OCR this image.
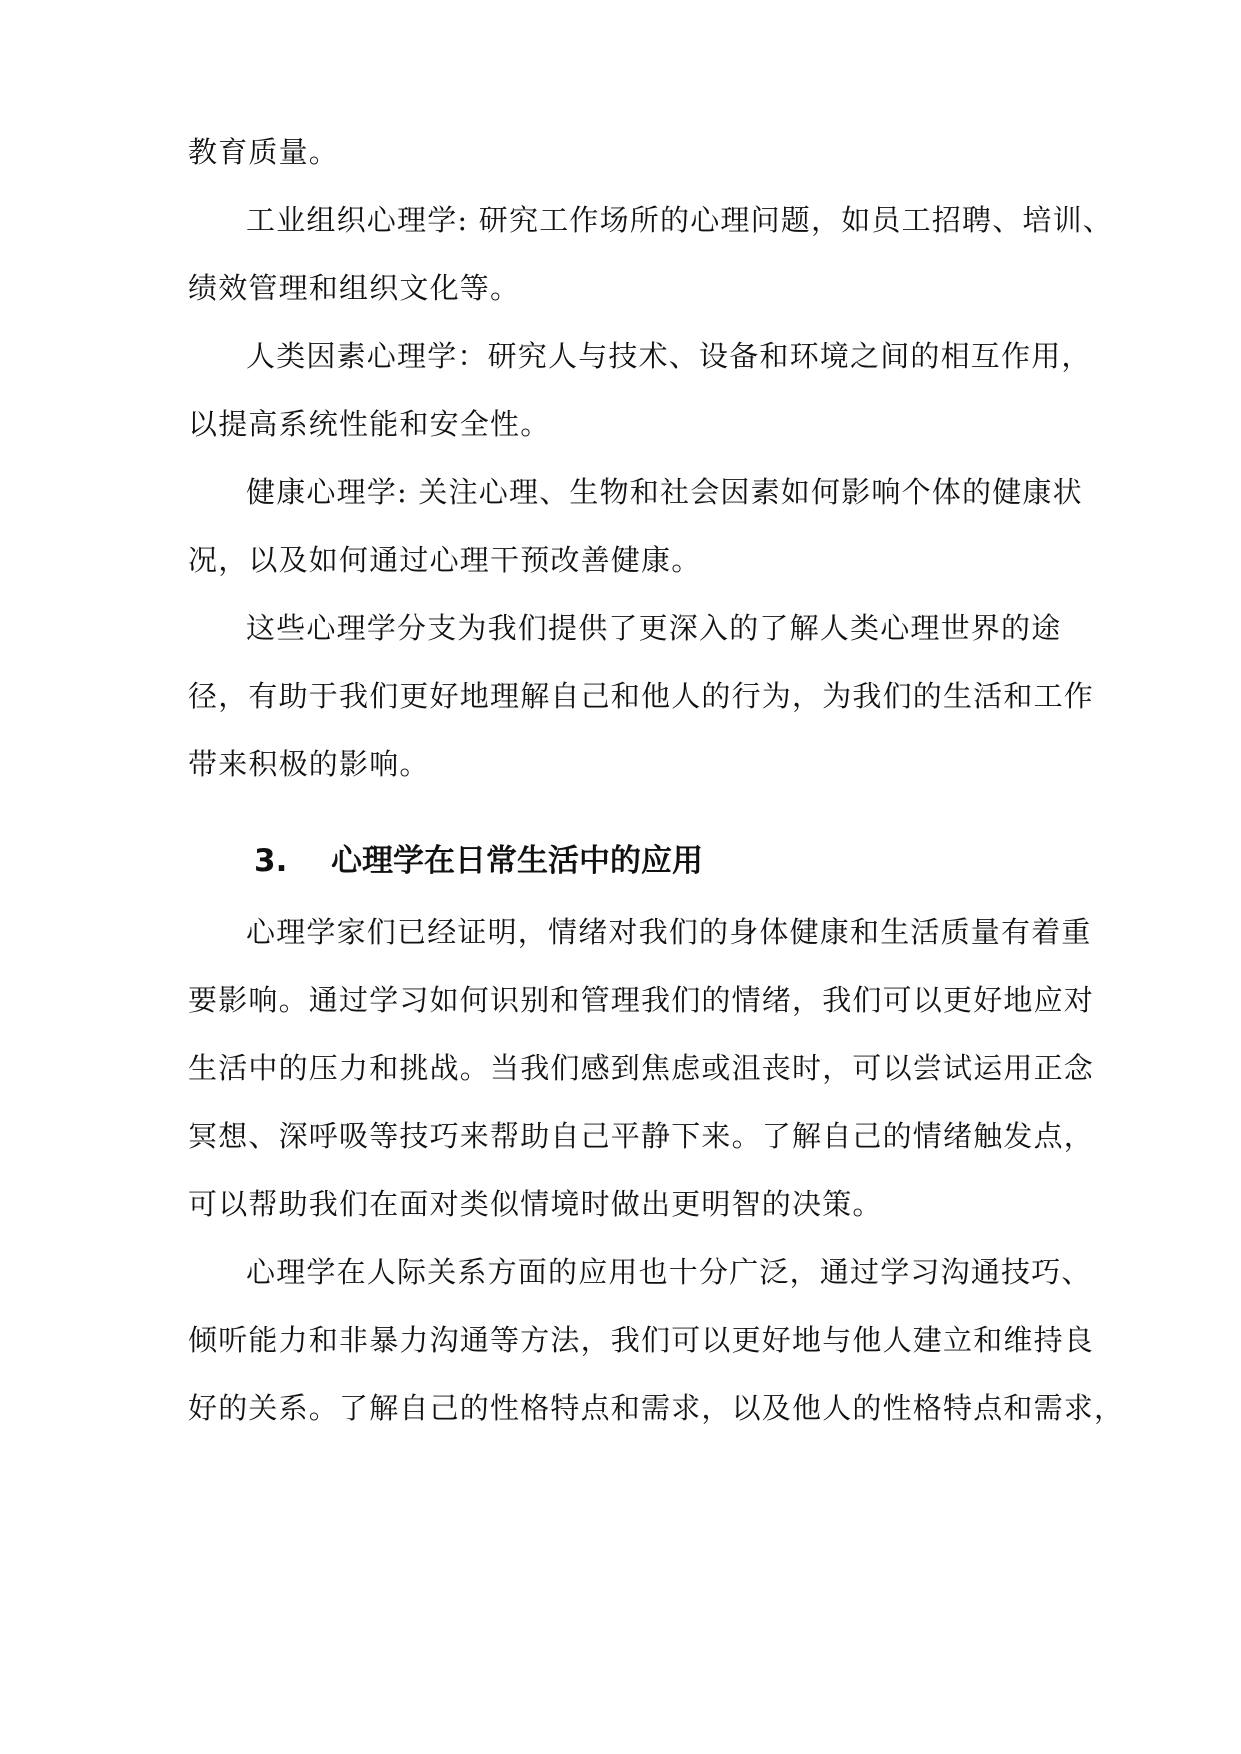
教育质量。
工业组织心理学: 研究工作场所的心理问题，如员工招聘、培训、
绩效管理和组织文化等。
人类因素心理学：研究人与技术、设备和环境之间的相互作用，
以提高系统性能和安全性。
健康心理学: 关注心理、生物和社会因素如何影响个体的健康状
况，以及如何通过心理干预改善健康。
这些心理学分支为我们提供了更深入的了解人类心理世界的途
径，有助于我们更好地理解自己和他人的行为，为我们的生活和工作
带来积极的影响。
3. 心理学在日常生活中的应用
心理学家们已经证明，情绪对我们的身体健康和生活质量有着重
要影响。通过学习如何识别和管理我们的情绪，我们可以更好地应对
生活中的压力和挑战。当我们感到焦虑或沮丧时，可以尝试运用正念
冥想、深呼吸等技巧来帮助自己平静下来。了解自己的情绪触发点，
可以帮助我们在面对类似情境时做出更明智的决策。
心理学在人际关系方面的应用也十分广泛，通过学习沟通技巧、
倾听能力和非暴力沟通等方法，我们可以更好地与他人建立和维持良
好的关系。了解自己的性格特点和需求，以及他人的性格特点和需求，
